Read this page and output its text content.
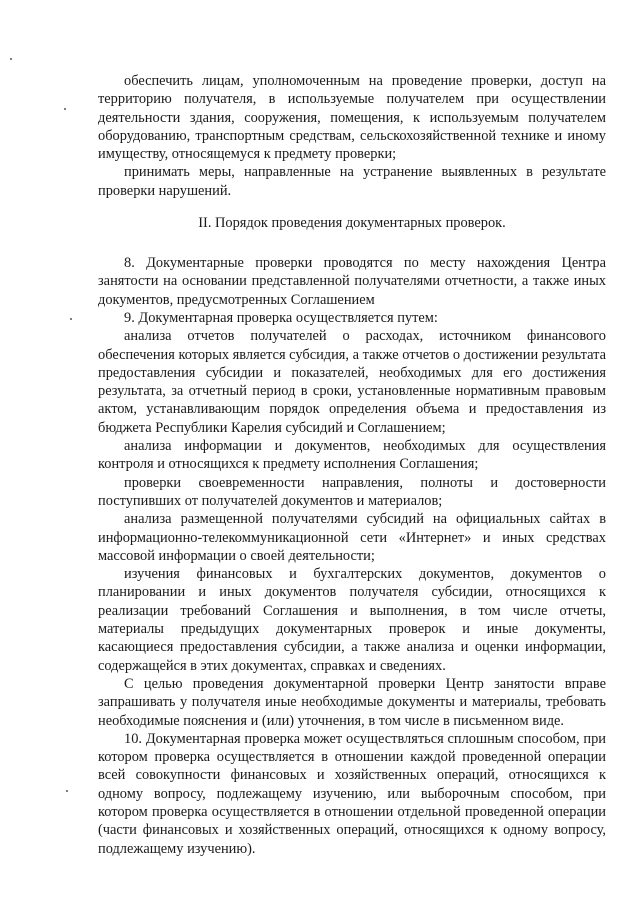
обеспечить лицам, уполномоченным на проведение проверки, доступ на территорию получателя, в используемые получателем при осуществлении деятельности здания, сооружения, помещения, к используемым получателем оборудованию, транспортным средствам, сельскохозяйственной технике и иному имуществу, относящемуся к предмету проверки;

принимать меры, направленные на устранение выявленных в результате проверки нарушений.

II. Порядок проведения документарных проверок.

8. Документарные проверки проводятся по месту нахождения Центра занятости на основании представленной получателями отчетности, а также иных документов, предусмотренных Соглашением

9. Документарная проверка осуществляется путем:

анализа отчетов получателей о расходах, источником финансового обеспечения которых является субсидия, а также отчетов о достижении результата предоставления субсидии и показателей, необходимых для его достижения результата, за отчетный период в сроки, установленные нормативным правовым актом, устанавливающим порядок определения объема и предоставления из бюджета Республики Карелия субсидий и Соглашением;

анализа информации и документов, необходимых для осуществления контроля и относящихся к предмету исполнения Соглашения;

проверки своевременности направления, полноты и достоверности поступивших от получателей документов и материалов;

анализа размещенной получателями субсидий на официальных сайтах в информационно-телекоммуникационной сети «Интернет» и иных средствах массовой информации о своей деятельности;

изучения финансовых и бухгалтерских документов, документов о планировании и иных документов получателя субсидии, относящихся к реализации требований Соглашения и выполнения, в том числе отчеты, материалы предыдущих документарных проверок и иные документы, касающиеся предоставления субсидии, а также анализа и оценки информации, содержащейся в этих документах, справках и сведениях.

С целью проведения документарной проверки Центр занятости вправе запрашивать у получателя иные необходимые документы и материалы, требовать необходимые пояснения и (или) уточнения, в том числе в письменном виде.

10. Документарная проверка может осуществляться сплошным способом, при котором проверка осуществляется в отношении каждой проведенной операции всей совокупности финансовых и хозяйственных операций, относящихся к одному вопросу, подлежащему изучению, или выборочным способом, при котором проверка осуществляется в отношении отдельной проведенной операции (части финансовых и хозяйственных операций, относящихся к одному вопросу, подлежащему изучению).
